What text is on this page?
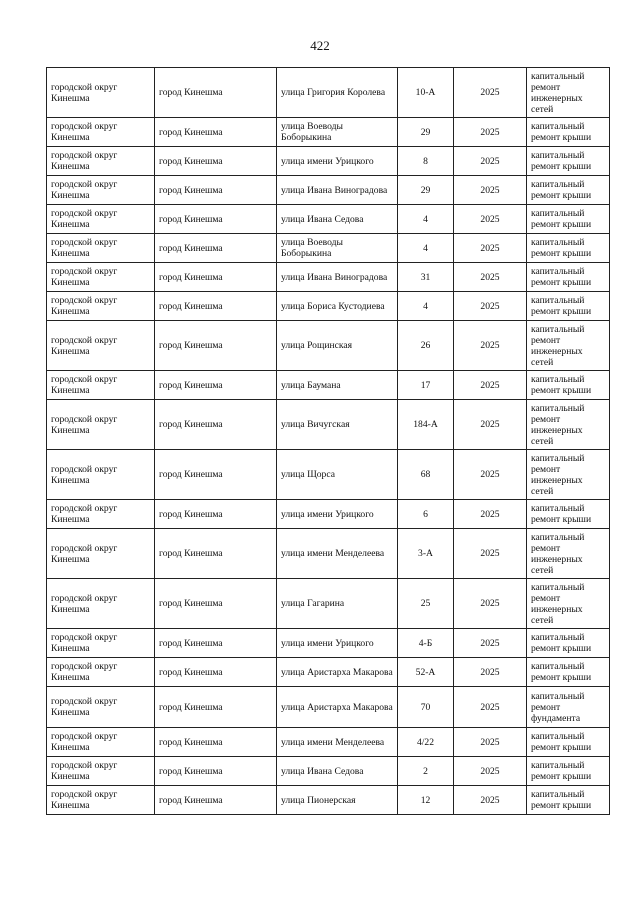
422
городской округ Кинешма	город Кинешма	улица Григория Королева	10-А	2025	капитальный ремонт инженерных сетей
городской округ Кинешма	город Кинешма	улица Воеводы Боборыкина	29	2025	капитальный ремонт крыши
городской округ Кинешма	город Кинешма	улица имени Урицкого	8	2025	капитальный ремонт крыши
городской округ Кинешма	город Кинешма	улица Ивана Виноградова	29	2025	капитальный ремонт крыши
городской округ Кинешма	город Кинешма	улица Ивана Седова	4	2025	капитальный ремонт крыши
городской округ Кинешма	город Кинешма	улица Воеводы Боборыкина	4	2025	капитальный ремонт крыши
городской округ Кинешма	город Кинешма	улица Ивана Виноградова	31	2025	капитальный ремонт крыши
городской округ Кинешма	город Кинешма	улица Бориса Кустодиева	4	2025	капитальный ремонт крыши
городской округ Кинешма	город Кинешма	улица Рощинская	26	2025	капитальный ремонт инженерных сетей
городской округ Кинешма	город Кинешма	улица Баумана	17	2025	капитальный ремонт крыши
городской округ Кинешма	город Кинешма	улица Вичугская	184-А	2025	капитальный ремонт инженерных сетей
городской округ Кинешма	город Кинешма	улица Щорса	68	2025	капитальный ремонт инженерных сетей
городской округ Кинешма	город Кинешма	улица имени Урицкого	6	2025	капитальный ремонт крыши
городской округ Кинешма	город Кинешма	улица имени Менделеева	3-А	2025	капитальный ремонт инженерных сетей
городской округ Кинешма	город Кинешма	улица Гагарина	25	2025	капитальный ремонт инженерных сетей
городской округ Кинешма	город Кинешма	улица имени Урицкого	4-Б	2025	капитальный ремонт крыши
городской округ Кинешма	город Кинешма	улица Аристарха Макарова	52-А	2025	капитальный ремонт крыши
городской округ Кинешма	город Кинешма	улица Аристарха Макарова	70	2025	капитальный ремонт фундамента
городской округ Кинешма	город Кинешма	улица имени Менделеева	4/22	2025	капитальный ремонт крыши
городской округ Кинешма	город Кинешма	улица Ивана Седова	2	2025	капитальный ремонт крыши
городской округ Кинешма	город Кинешма	улица Пионерская	12	2025	капитальный ремонт крыши
